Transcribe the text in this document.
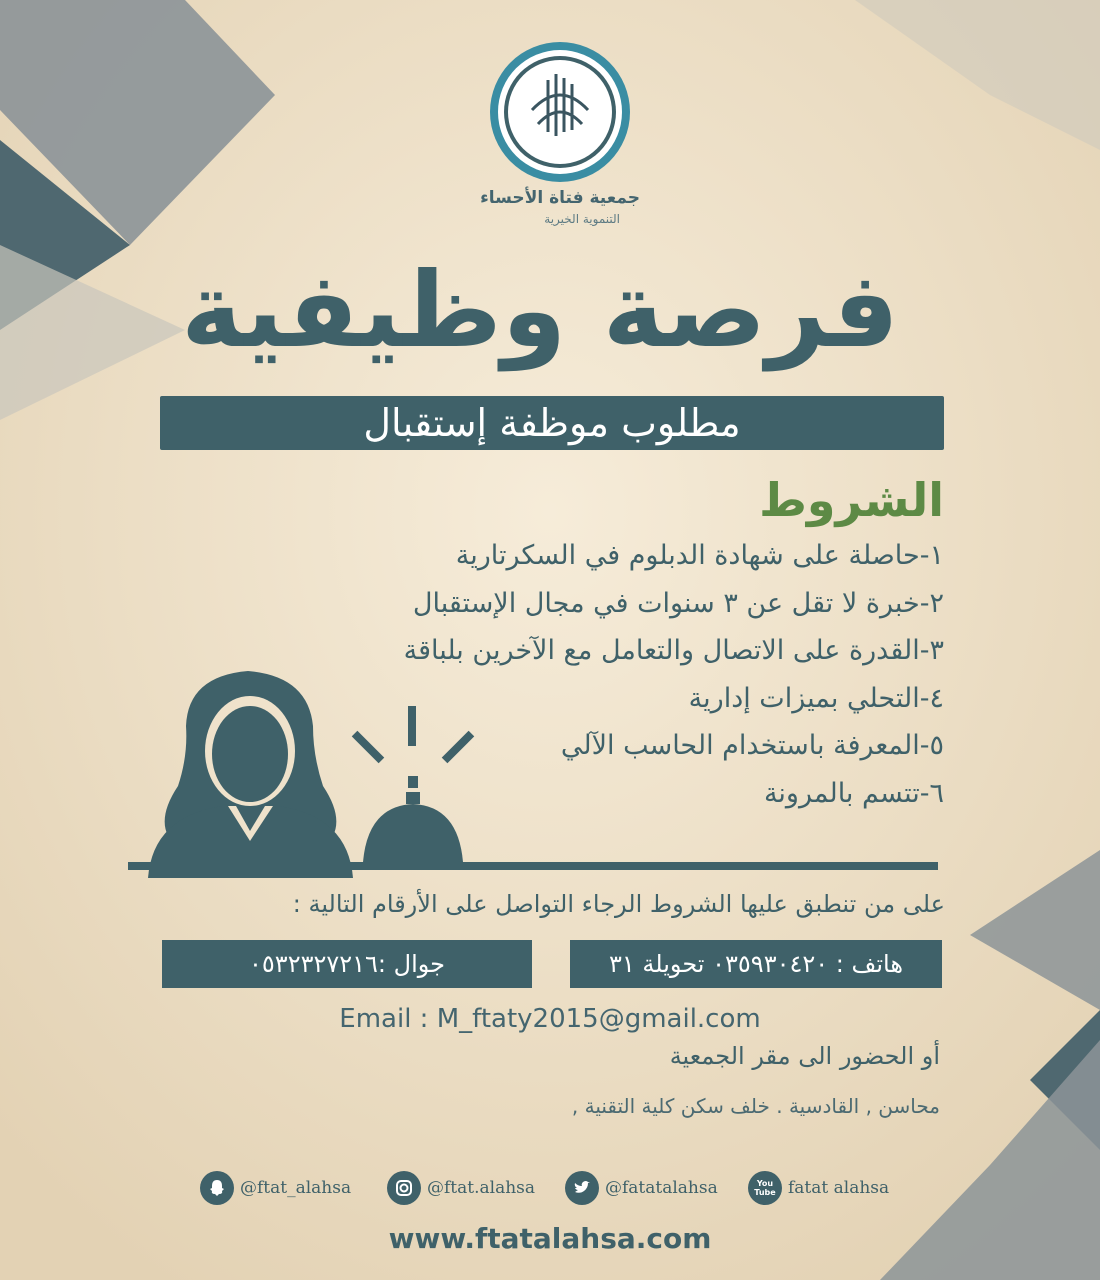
جمعية فتاة الأحساء
التنموية الخيرية
فرصة وظيفية
مطلوب موظفة إستقبال
الشروط
١-حاصلة على شهادة الدبلوم في السكرتارية
٢-خبرة لا تقل عن ٣ سنوات في مجال الإستقبال
٣-القدرة على الاتصال والتعامل مع الآخرين بلباقة
٤-التحلي بميزات إدارية
٥-المعرفة باستخدام الحاسب الآلي
٦-تتسم بالمرونة
على من تنطبق عليها الشروط الرجاء التواصل على الأرقام التالية :
هاتف : ٠٣٥٩٣٠٤٢٠ تحويلة ٣١
جوال :٠٥٣٢٣٢٧٢١٦
Email : M_ftaty2015@gmail.com
أو الحضور الى مقر الجمعية
محاسن , القادسية . خلف سكن كلية التقنية ,
@ftat_alahsa	@ftat.alahsa	@fatatalahsa	You Tube fatat alahsa
www.ftatalahsa.com
